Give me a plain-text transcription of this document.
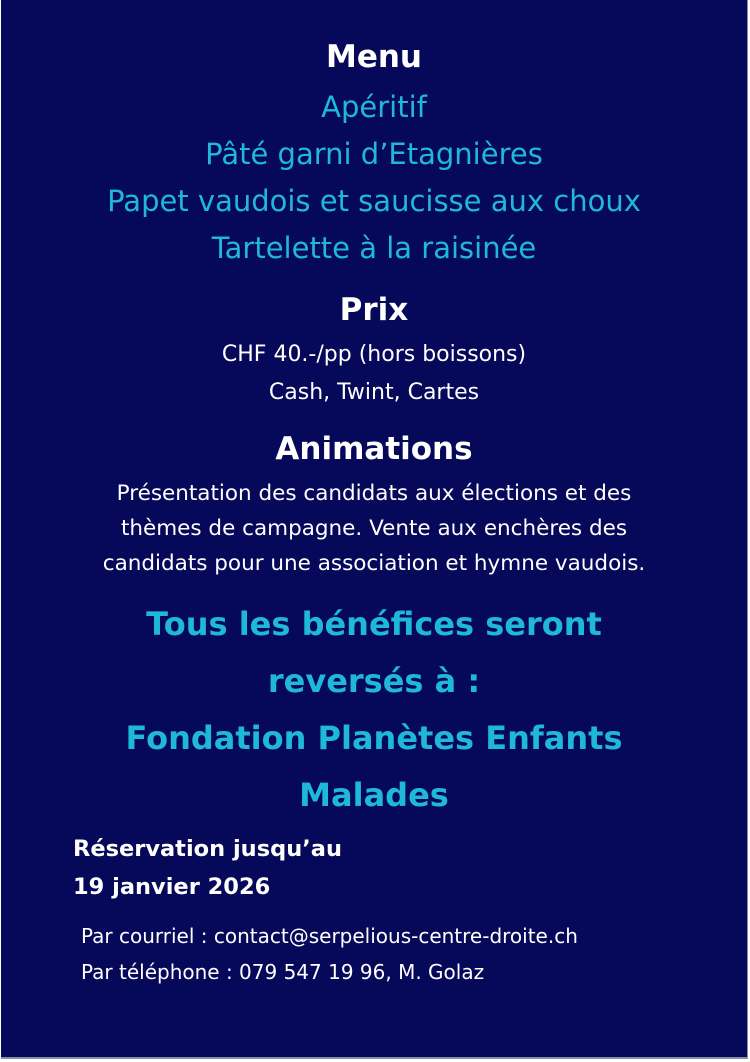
Menu
Apéritif
Pâté garni d’Etagnières
Papet vaudois et saucisse aux choux
Tartelette à la raisinée
Prix
CHF 40.-/pp (hors boissons)
Cash, Twint, Cartes
Animations
Présentation des candidats aux élections et des
thèmes de campagne. Vente aux enchères des
candidats pour une association et hymne vaudois.
Tous les bénéfices seront
reversés à :
Fondation Planètes Enfants
Malades
Réservation jusqu’au
19 janvier 2026
Par courriel : contact@serpelious-centre-droite.ch
Par téléphone : 079 547 19 96, M. Golaz
